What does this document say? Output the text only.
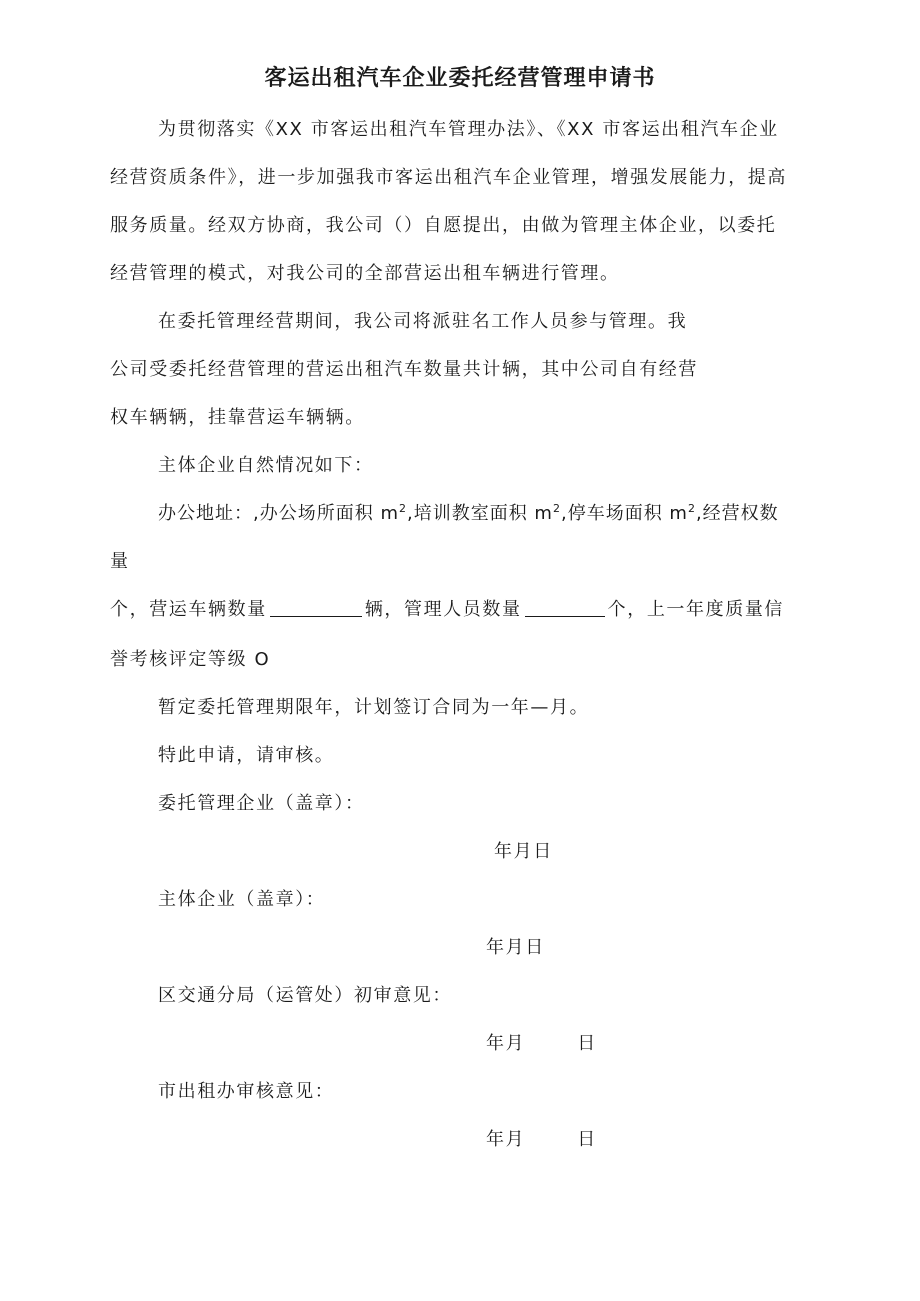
客运出租汽车企业委托经营管理申请书
为贯彻落实《XX 市客运出租汽车管理办法》、《XX 市客运出租汽车企业
经营资质条件》，进一步加强我市客运出租汽车企业管理，增强发展能力，提高
服务质量。经双方协商，我公司（）自愿提出，由做为管理主体企业，以委托
经营管理的模式，对我公司的全部营运出租车辆进行管理。
在委托管理经营期间，我公司将派驻名工作人员参与管理。我
公司受委托经营管理的营运出租汽车数量共计辆，其中公司自有经营
权车辆辆，挂靠营运车辆辆。
主体企业自然情况如下：
办公地址：,办公场所面积 $m^2$,培训教室面积 $m^2$,停车场面积 $m^2$,经营权数
量
个，营运车辆数量	辆，管理人员数量	个，上一年度质量信
誉考核评定等级 O
暂定委托管理期限年，计划签订合同为一年—月。
特此申请，请审核。
委托管理企业（盖章）：
年月日
主体企业（盖章）：
年月日
区交通分局（运管处）初审意见：
年月	日
市出租办审核意见：
年月	日
